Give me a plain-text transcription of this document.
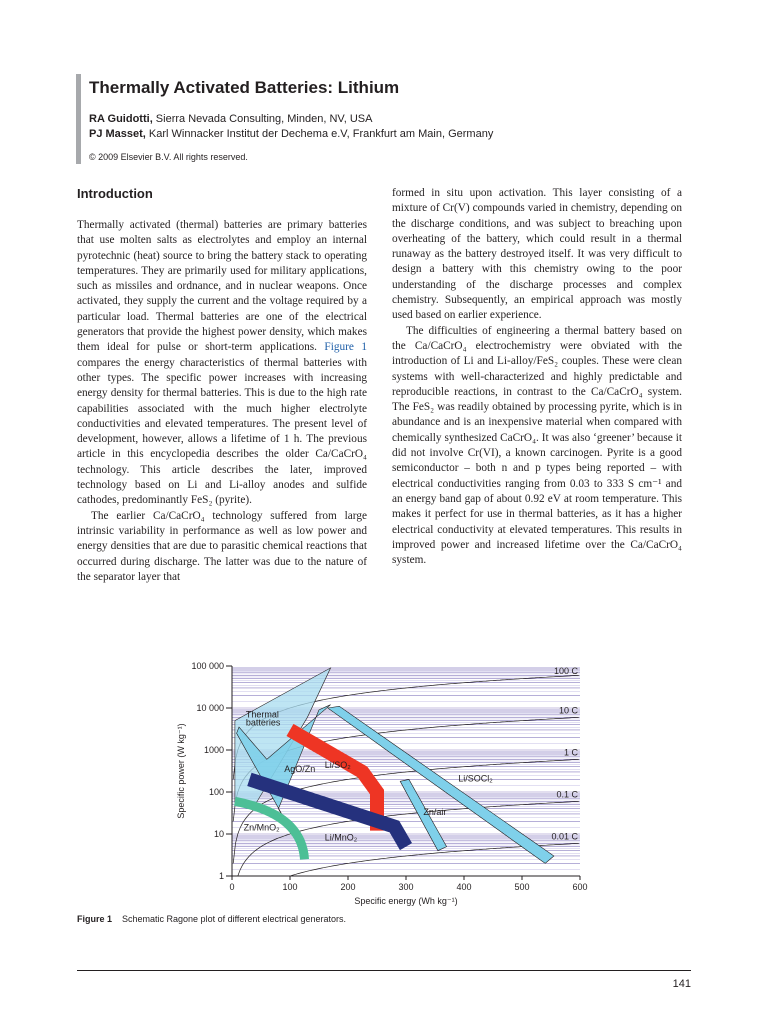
Thermally Activated Batteries: Lithium
RA Guidotti, Sierra Nevada Consulting, Minden, NV, USA
PJ Masset, Karl Winnacker Institut der Dechema e.V, Frankfurt am Main, Germany
© 2009 Elsevier B.V. All rights reserved.
Introduction

Thermally activated (thermal) batteries are primary batteries that use molten salts as electrolytes and employ an internal pyrotechnic (heat) source to bring the battery stack to operating temperatures. They are primarily used for military applications, such as missiles and ordnance, and in nuclear weapons. Once activated, they supply the current and the voltage required by a particular load. Thermal batteries are one of the electrical generators that provide the highest power density, which makes them ideal for pulse or short-term applications. Figure 1 compares the energy characteristics of thermal batteries with other types. The specific power increases with increasing energy density for thermal batteries. This is due to the high rate capabilities associated with the much higher electrolyte conductivities and elevated temperatures. The present level of development, however, allows a lifetime of 1 h. The previous article in this encyclopedia describes the older Ca/CaCrO₄ technology. This article describes the later, improved technology based on Li and Li-alloy anodes and sulfide cathodes, predominantly FeS₂ (pyrite).

The earlier Ca/CaCrO₄ technology suffered from large intrinsic variability in performance as well as low power and energy densities that are due to parasitic chemical reactions that occurred during discharge. The latter was due to the nature of the separator layer that

formed in situ upon activation. This layer consisting of a mixture of Cr(V) compounds varied in chemistry, depending on the discharge conditions, and was subject to breaching upon overheating of the battery, which could result in a thermal runaway as the battery destroyed itself. It was very difficult to design a battery with this chemistry owing to the poor understanding of the discharge processes and complex chemistry. Subsequently, an empirical approach was mostly used based on earlier experience.

The difficulties of engineering a thermal battery based on the Ca/CaCrO₄ electrochemistry were obviated with the introduction of Li and Li-alloy/FeS₂ couples. These were clean systems with well-characterized and highly predictable and reproducible reactions, in contrast to the Ca/CaCrO₄ system. The FeS₂ was readily obtained by processing pyrite, which is in abundance and is an inexpensive material when compared with chemically synthesized CaCrO₄. It was also ‘greener’ because it did not involve Cr(VI), a known carcinogen. Pyrite is a good semiconductor – both n and p types being reported – with electrical conductivities ranging from 0.03 to 333 S cm⁻¹ and an energy band gap of about 0.92 eV at room temperature. This makes it perfect for use in thermal batteries, as it has a higher electrical conductivity at elevated temperatures. This results in improved power and increased lifetime over the Ca/CaCrO₄ system.

100 C
10 C
1 C
0.1 C
0.01 C
0	100	200	300	400	500	600
1
10
100
1000
10 000
100 000
Specific energy (Wh kg⁻¹)
Specific power (W kg⁻¹)
Thermal
batteries
AgO/Zn Li/SO₂
Li/SOCl₂
Zn/air
Zn/MnO₂
Li/MnO₂
Figure 1 Schematic Ragone plot of different electrical generators.
141
